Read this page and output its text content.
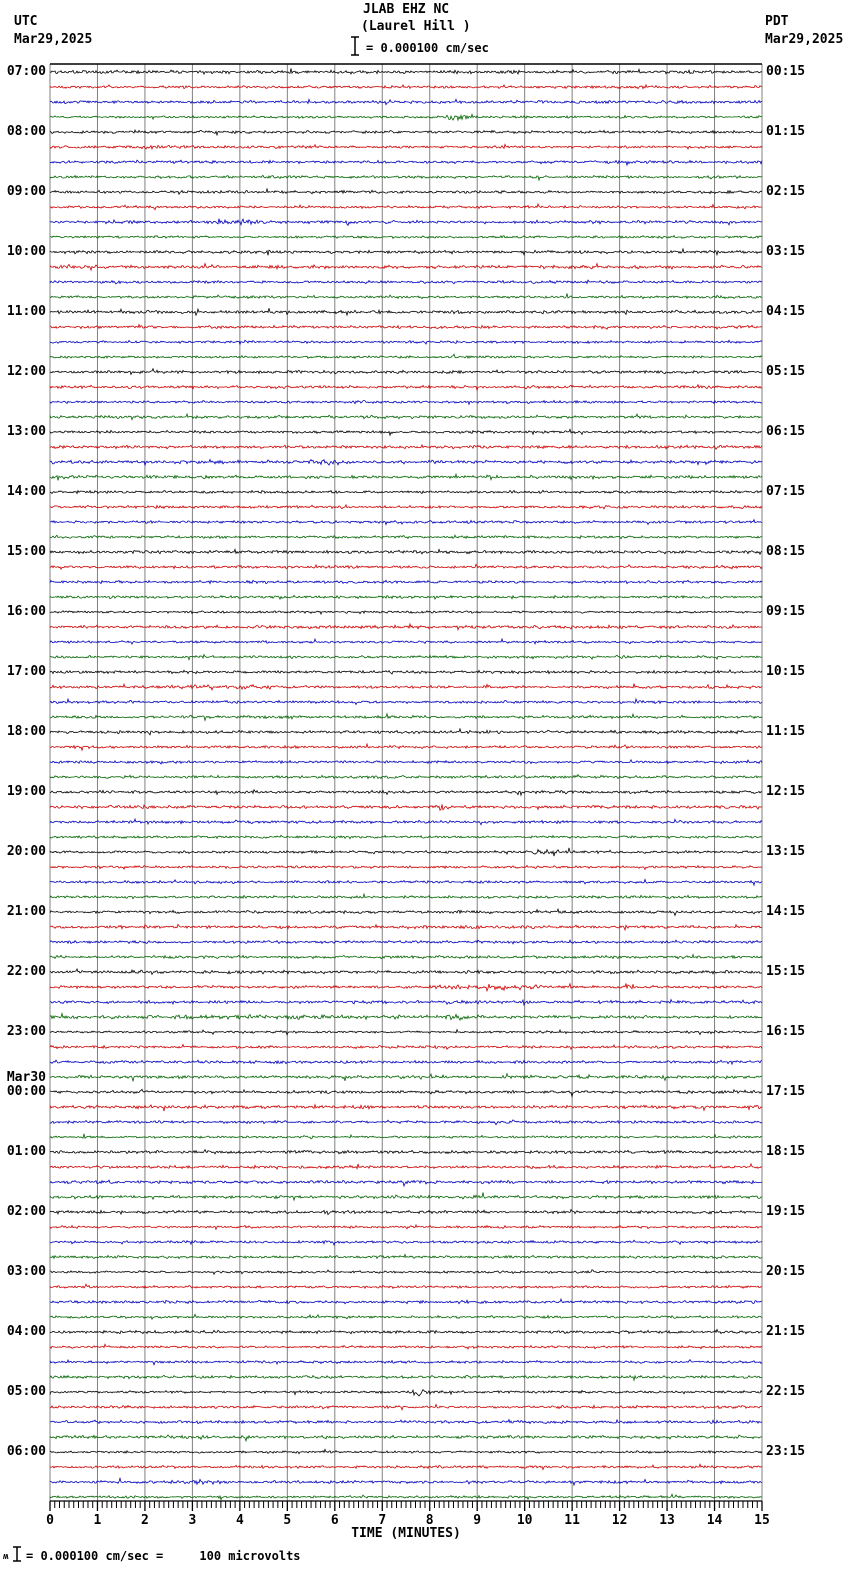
UTC
Mar29,2025
JLAB EHZ NC
(Laurel Hill )
= 0.000100 cm/sec
PDT
Mar29,2025
07:00	00:15
08:00	01:15
09:00	02:15
10:00	03:15
11:00	04:15
12:00	05:15
13:00	06:15
14:00	07:15
15:00	08:15
16:00	09:15
17:00	10:15
18:00	11:15
19:00	12:15
20:00	13:15
21:00	14:15
22:00	15:15
23:00	16:15
Mar30
00:00	17:15
01:00	18:15
02:00	19:15
03:00	20:15
04:00	21:15
05:00	22:15
06:00	23:15
0	1	2	3	4	5	6	7	8	9	10 11 12 13 14 15
TIME (MINUTES)
ʍ = 0.000100 cm/sec =     100 microvolts
